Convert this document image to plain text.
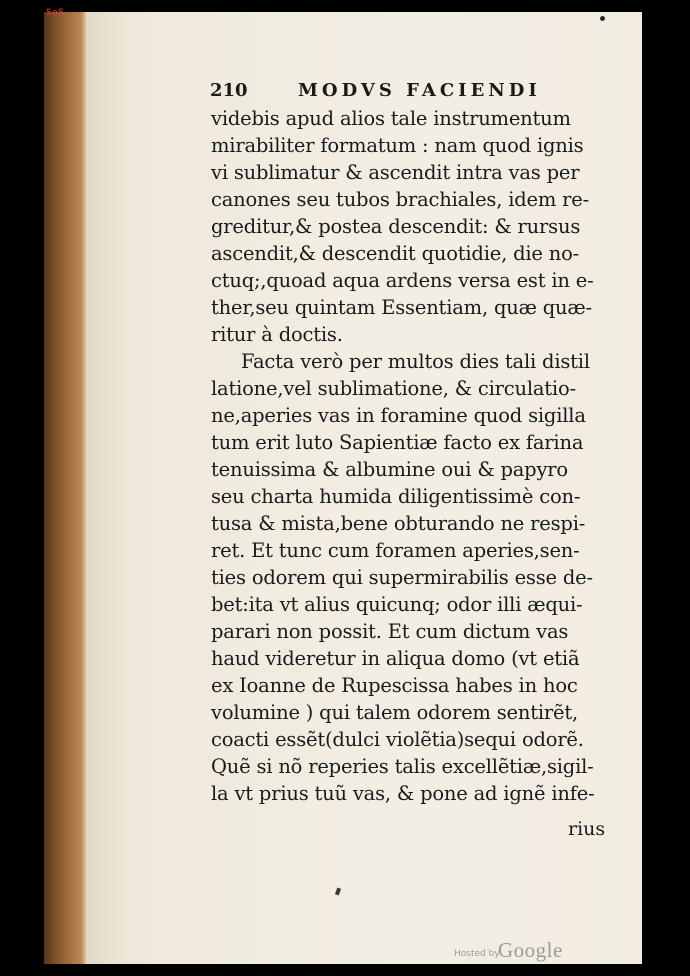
SoS
210	MODVS FACIENDI
videbis apud alios tale instrumentum
mirabiliter formatum : nam quod ignis
vi sublimatur & ascendit intra vas per
canones seu tubos brachiales, idem re-
greditur,& postea descendit: & rursus
ascendit,& descendit quotidie, die no-
ctuq;,quoad aqua ardens versa est in e-
ther,seu quintam Essentiam, quæ quæ-
ritur à doctis.
Facta verò per multos dies tali distil
latione,vel sublimatione, & circulatio-
ne,aperies vas in foramine quod sigilla
tum erit luto Sapientiæ facto ex farina
tenuissima & albumine oui & papyro
seu charta humida diligentissimè con-
tusa & mista,bene obturando ne respi-
ret. Et tunc cum foramen aperies,sen-
ties odorem qui supermirabilis esse de-
bet:ita vt alius quicunq; odor illi æqui-
parari non possit. Et cum dictum vas
haud videretur in aliqua domo (vt etiã
ex Ioanne de Rupescissa habes in hoc
volumine ) qui talem odorem sentirẽt,
coacti essẽt(dulci violẽtia)sequi odorẽ.
Quẽ si nõ reperies talis excellẽtiæ,sigil-
la vt prius tuũ vas, & pone ad ignẽ infe-
rius
Hosted by
Google
